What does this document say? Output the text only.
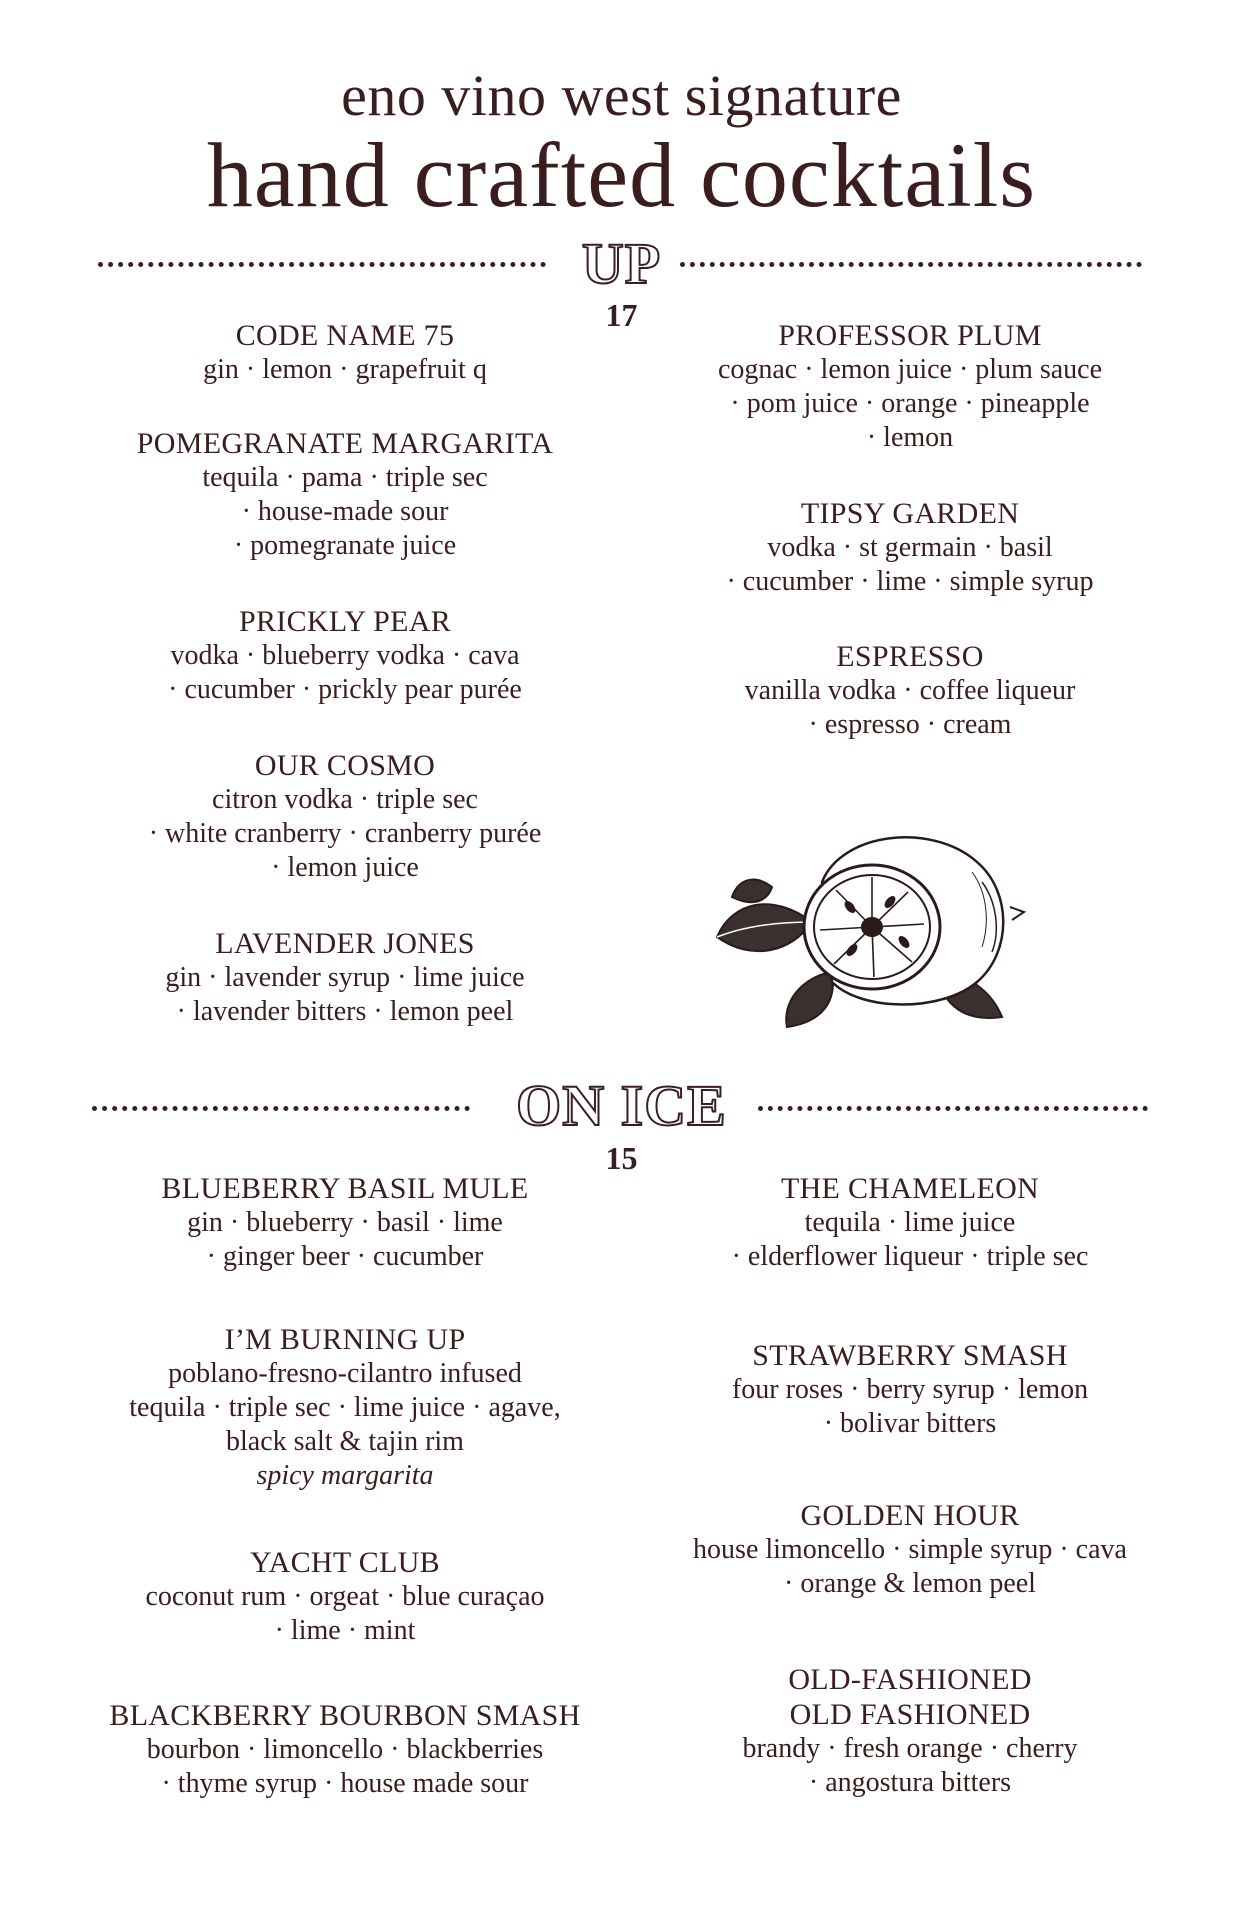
eno vino west signature
hand crafted cocktails
UP
17
CODE NAME 75
gin · lemon · grapefruit q
POMEGRANATE MARGARITA
tequila · pama · triple sec
· house-made sour
· pomegranate juice
PRICKLY PEAR
vodka · blueberry vodka · cava
· cucumber · prickly pear purée
OUR COSMO
citron vodka · triple sec
· white cranberry · cranberry purée
· lemon juice
LAVENDER JONES
gin · lavender syrup · lime juice
· lavender bitters · lemon peel
PROFESSOR PLUM
cognac · lemon juice · plum sauce
· pom juice · orange · pineapple
· lemon
TIPSY GARDEN
vodka · st germain · basil
· cucumber · lime · simple syrup
ESPRESSO
vanilla vodka · coffee liqueur
· espresso · cream
ON ICE
15
BLUEBERRY BASIL MULE
gin · blueberry · basil · lime
· ginger beer · cucumber
I’M BURNING UP
poblano-fresno-cilantro infused
tequila · triple sec · lime juice · agave,
black salt & tajin rim
spicy margarita
YACHT CLUB
coconut rum · orgeat · blue curaçao
· lime · mint
BLACKBERRY BOURBON SMASH
bourbon · limoncello · blackberries
· thyme syrup · house made sour
THE CHAMELEON
tequila · lime juice
· elderflower liqueur · triple sec
STRAWBERRY SMASH
four roses · berry syrup · lemon
· bolivar bitters
GOLDEN HOUR
house limoncello · simple syrup · cava
· orange & lemon peel
OLD-FASHIONED
OLD FASHIONED
brandy · fresh orange · cherry
· angostura bitters
